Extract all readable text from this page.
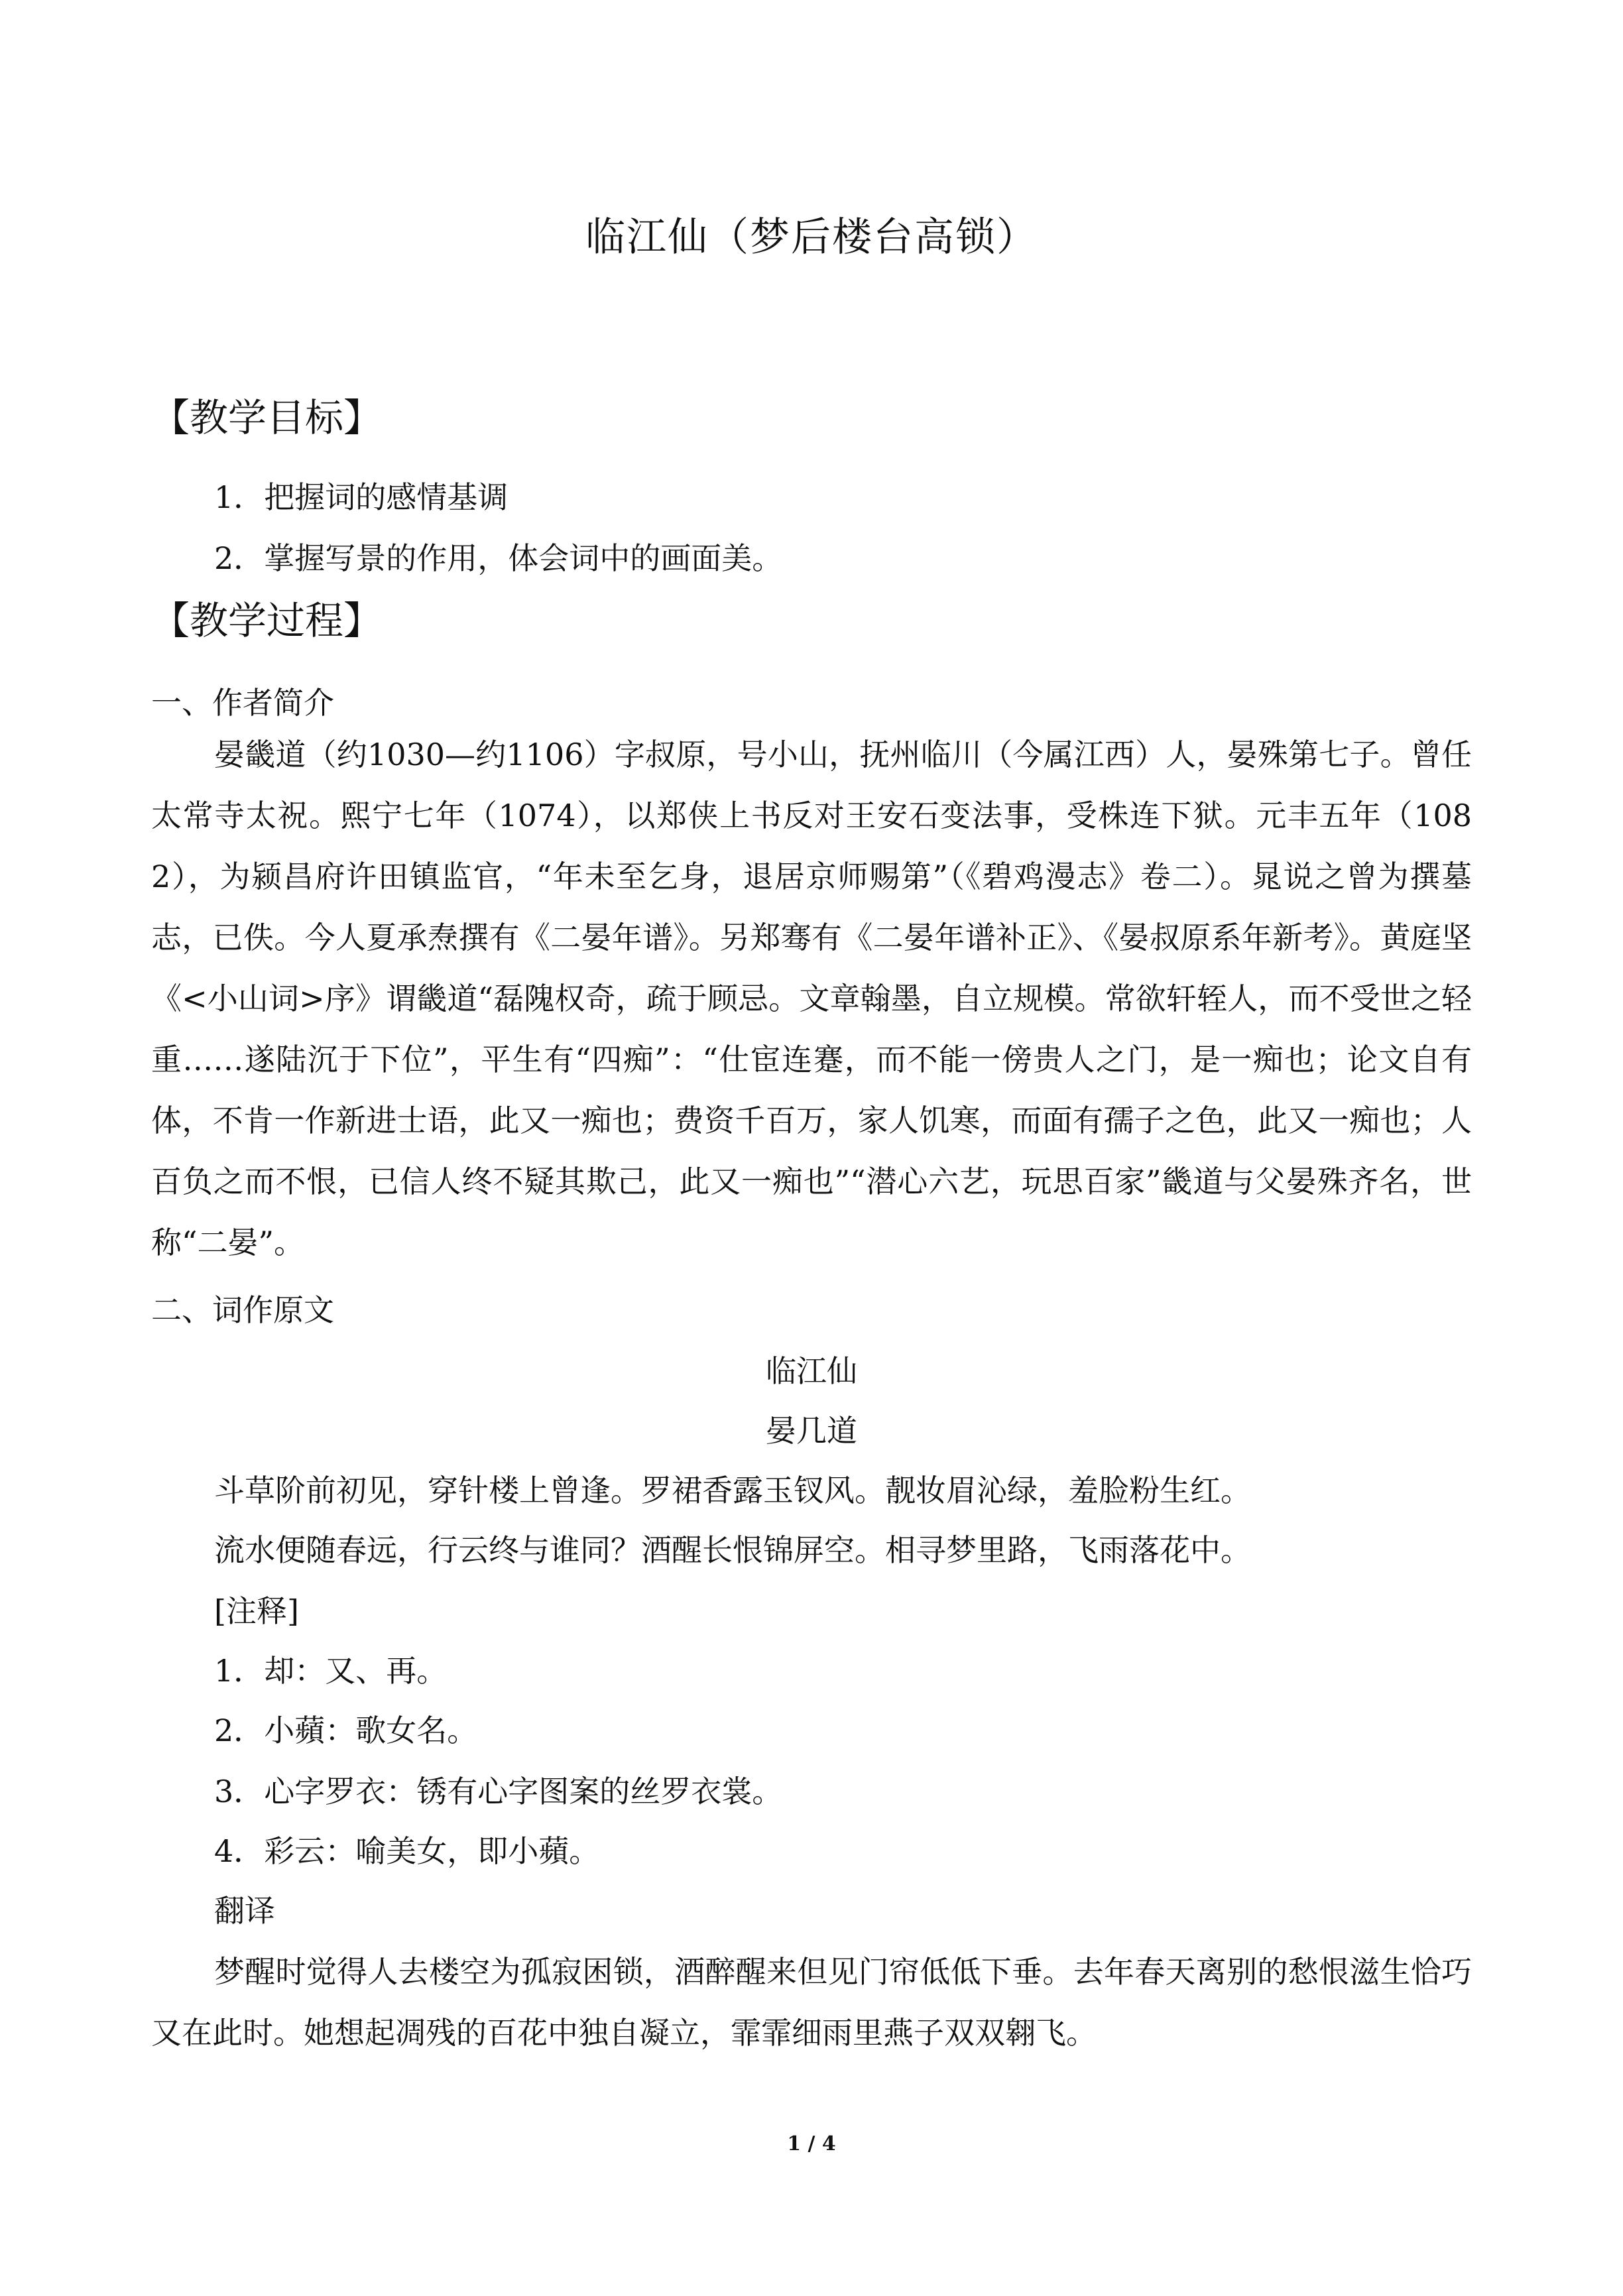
临江仙（梦后楼台高锁）
【教学目标】
1．把握词的感情基调
2．掌握写景的作用，体会词中的画面美。
【教学过程】
一、作者简介
晏畿道（约1030—约1106）字叔原，号小山，抚州临川（今属江西）人，晏殊第七子。曾任太常寺太祝。熙宁七年（1074），以郑侠上书反对王安石变法事，受株连下狱。元丰五年（1082），为颍昌府许田镇监官，“年未至乞身，退居京师赐第”（《碧鸡漫志》卷二）。晁说之曾为撰墓志，已佚。今人夏承焘撰有《二晏年谱》。另郑骞有《二晏年谱补正》、《晏叔原系年新考》。黄庭坚《<小山词>序》谓畿道“磊隗权奇，疏于顾忌。文章翰墨，自立规模。常欲轩轾人，而不受世之轻重……遂陆沉于下位”，平生有“四痴”：“仕宦连蹇，而不能一傍贵人之门，是一痴也；论文自有体，不肯一作新进士语，此又一痴也；费资千百万，家人饥寒，而面有孺子之色，此又一痴也；人百负之而不恨，已信人终不疑其欺己，此又一痴也”“潜心六艺，玩思百家”畿道与父晏殊齐名，世称“二晏”。
二、词作原文
临江仙
晏几道
斗草阶前初见，穿针楼上曾逢。罗裙香露玉钗风。靓妆眉沁绿，羞脸粉生红。
流水便随春远，行云终与谁同？酒醒长恨锦屏空。相寻梦里路，飞雨落花中。
[注释]
1．却：又、再。
2．小蘋：歌女名。
3．心字罗衣：锈有心字图案的丝罗衣裳。
4．彩云：喻美女，即小蘋。
翻译
梦醒时觉得人去楼空为孤寂困锁，酒醉醒来但见门帘低低下垂。去年春天离别的愁恨滋生恰巧又在此时。她想起凋残的百花中独自凝立，霏霏细雨里燕子双双翱飞。
1 / 4
